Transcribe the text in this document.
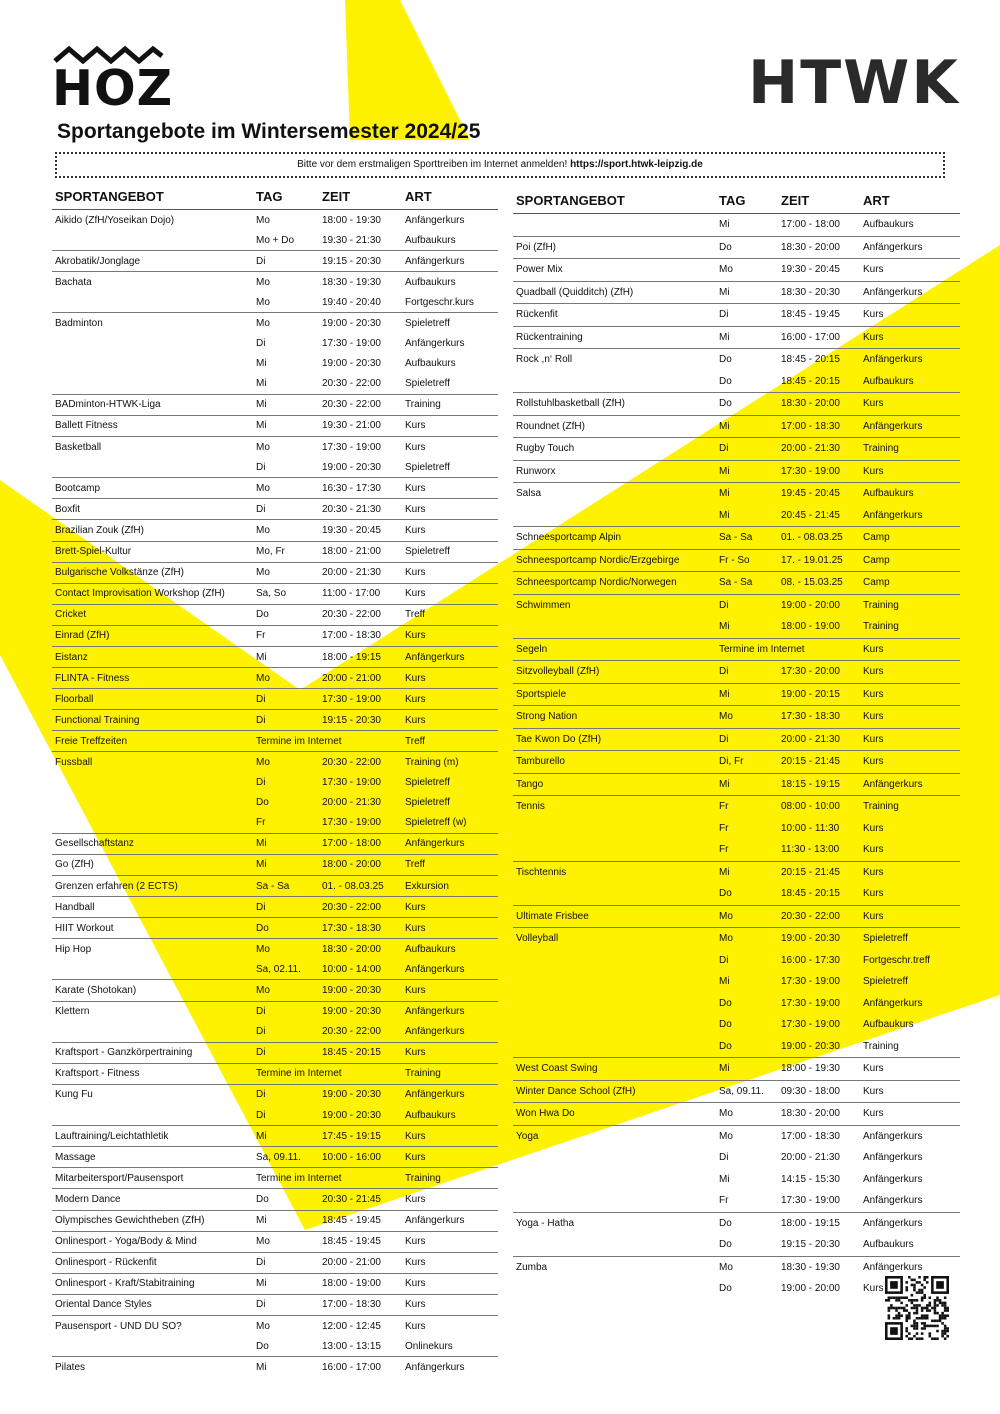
HOZ	HTWK
Sportangebote im Wintersemester 2024/25
Bitte vor dem erstmaligen Sporttreiben im Internet anmelden! https://sport.htwk-leipzig.de
SPORTANGEBOT	TAG	ZEIT	ART
Aikido (ZfH/Yoseikan Dojo)	Mo	18:00 - 19:30	Anfängerkurs
Mo + Do	19:30 - 21:30	Aufbaukurs
Akrobatik/Jonglage	Di	19:15 - 20:30	Anfängerkurs
Bachata	Mo	18:30 - 19:30	Aufbaukurs
Mo	19:40 - 20:40	Fortgeschr.kurs
Badminton	Mo	19:00 - 20:30	Spieletreff
Di	17:30 - 19:00	Anfängerkurs
Mi	19:00 - 20:30	Aufbaukurs
Mi	20:30 - 22:00	Spieletreff
BADminton-HTWK-Liga	Mi	20:30 - 22:00	Training
Ballett Fitness	Mi	19:30 - 21:00	Kurs
Basketball	Mo	17:30 - 19:00	Kurs
Di	19:00 - 20:30	Spieletreff
Bootcamp	Mo	16:30 - 17:30	Kurs
Boxfit	Di	20:30 - 21:30	Kurs
Brazilian Zouk (ZfH)	Mo	19:30 - 20:45	Kurs
Brett-Spiel-Kultur	Mo, Fr	18:00 - 21:00	Spieletreff
Bulgarische Volkstänze (ZfH)	Mo	20:00 - 21:30	Kurs
Contact Improvisation Workshop (ZfH)	Sa, So	11:00 - 17:00	Kurs
Cricket	Do	20:30 - 22:00	Treff
Einrad (ZfH)	Fr	17:00 - 18:30	Kurs
Eistanz	Mi	18:00 - 19:15	Anfängerkurs
FLINTA - Fitness	Mo	20:00 - 21:00	Kurs
Floorball	Di	17:30 - 19:00	Kurs
Functional Training	Di	19:15 - 20:30	Kurs
Freie Treffzeiten	Termine im Internet	Treff
Fussball	Mo	20:30 - 22:00	Training (m)
Di	17:30 - 19:00	Spieletreff
Do	20:00 - 21:30	Spieletreff
Fr	17:30 - 19:00	Spieletreff (w)
Gesellschaftstanz	Mi	17:00 - 18:00	Anfängerkurs
Go (ZfH)	Mi	18:00 - 20:00	Treff
Grenzen erfahren (2 ECTS)	Sa - Sa	01. - 08.03.25	Exkursion
Handball	Di	20:30 - 22:00	Kurs
HIIT Workout	Do	17:30 - 18:30	Kurs
Hip Hop	Mo	18:30 - 20:00	Aufbaukurs
Sa, 02.11.	10:00 - 14:00	Anfängerkurs
Karate (Shotokan)	Mo	19:00 - 20:30	Kurs
Klettern	Di	19:00 - 20:30	Anfängerkurs
Di	20:30 - 22:00	Anfängerkurs
Kraftsport - Ganzkörpertraining	Di	18:45 - 20:15	Kurs
Kraftsport - Fitness	Termine im Internet	Training
Kung Fu	Di	19:00 - 20:30	Anfängerkurs
Di	19:00 - 20:30	Aufbaukurs
Lauftraining/Leichtathletik	Mi	17:45 - 19:15	Kurs
Massage	Sa, 09.11.	10:00 - 16:00	Kurs
Mitarbeitersport/Pausensport	Termine im Internet	Training
Modern Dance	Do	20:30 - 21:45	Kurs
Olympisches Gewichtheben (ZfH)	Mi	18:45 - 19:45	Anfängerkurs
Onlinesport - Yoga/Body & Mind	Mo	18:45 - 19:45	Kurs
Onlinesport - Rückenfit	Di	20:00 - 21:00	Kurs
Onlinesport - Kraft/Stabitraining	Mi	18:00 - 19:00	Kurs
Oriental Dance Styles	Di	17:00 - 18:30	Kurs
Pausensport - UND DU SO?	Mo	12:00 - 12:45	Kurs
Do	13:00 - 13:15	Onlinekurs
Pilates	Mi	16:00 - 17:00	Anfängerkurs
SPORTANGEBOT	TAG	ZEIT	ART
Mi	17:00 - 18:00	Aufbaukurs
Poi (ZfH)	Do	18:30 - 20:00	Anfängerkurs
Power Mix	Mo	19:30 - 20:45	Kurs
Quadball (Quidditch) (ZfH)	Mi	18:30 - 20:30	Anfängerkurs
Rückenfit	Di	18:45 - 19:45	Kurs
Rückentraining	Mi	16:00 - 17:00	Kurs
Rock ,n‘ Roll	Do	18:45 - 20:15	Anfängerkurs
Do	18:45 - 20:15	Aufbaukurs
Rollstuhlbasketball (ZfH)	Do	18:30 - 20:00	Kurs
Roundnet (ZfH)	Mi	17:00 - 18:30	Anfängerkurs
Rugby Touch	Di	20:00 - 21:30	Training
Runworx	Mi	17:30 - 19:00	Kurs
Salsa	Mi	19:45 - 20:45	Aufbaukurs
Mi	20:45 - 21:45	Anfängerkurs
Schneesportcamp Alpin	Sa - Sa	01. - 08.03.25	Camp
Schneesportcamp Nordic/Erzgebirge	Fr - So	17. - 19.01.25	Camp
Schneesportcamp Nordic/Norwegen	Sa - Sa	08. - 15.03.25	Camp
Schwimmen	Di	19:00 - 20:00	Training
Mi	18:00 - 19:00	Training
Segeln	Termine im Internet	Kurs
Sitzvolleyball (ZfH)	Di	17:30 - 20:00	Kurs
Sportspiele	Mi	19:00 - 20:15	Kurs
Strong Nation	Mo	17:30 - 18:30	Kurs
Tae Kwon Do (ZfH)	Di	20:00 - 21:30	Kurs
Tamburello	Di, Fr	20:15 - 21:45	Kurs
Tango	Mi	18:15 - 19:15	Anfängerkurs
Tennis	Fr	08:00 - 10:00	Training
Fr	10:00 - 11:30	Kurs
Fr	11:30 - 13:00	Kurs
Tischtennis	Mi	20:15 - 21:45	Kurs
Do	18:45 - 20:15	Kurs
Ultimate Frisbee	Mo	20:30 - 22:00	Kurs
Volleyball	Mo	19:00 - 20:30	Spieletreff
Di	16:00 - 17:30	Fortgeschr.treff
Mi	17:30 - 19:00	Spieletreff
Do	17:30 - 19:00	Anfängerkurs
Do	17:30 - 19:00	Aufbaukurs
Do	19:00 - 20:30	Training
West Coast Swing	Mi	18:00 - 19:30	Kurs
Winter Dance School (ZfH)	Sa, 09.11.	09:30 - 18:00	Kurs
Won Hwa Do	Mo	18:30 - 20:00	Kurs
Yoga	Mo	17:00 - 18:30	Anfängerkurs
Di	20:00 - 21:30	Anfängerkurs
Mi	14:15 - 15:30	Anfängerkurs
Fr	17:30 - 19:00	Anfängerkurs
Yoga - Hatha	Do	18:00 - 19:15	Anfängerkurs
Do	19:15 - 20:30	Aufbaukurs
Zumba	Mo	18:30 - 19:30	Anfängerkurs
Do	19:00 - 20:00	Kurs
